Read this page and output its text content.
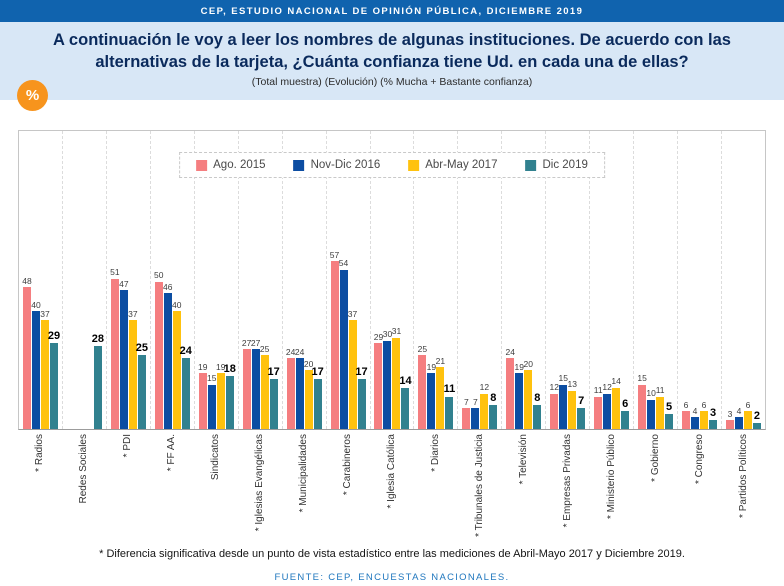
CEP, ESTUDIO NACIONAL DE OPINIÓN PÚBLICA, DICIEMBRE 2019
A continuación le voy a leer los nombres de algunas instituciones. De acuerdo con las alternativas de la tarjeta, ¿Cuánta confianza tiene Ud. en cada una de ellas?
(Total muestra) (Evolución) (% Mucha + Bastante confianza)
%
Ago. 2015	Nov-Dic 2016	Abr-May 2017	Dic 2019
48
40
37
29	28
51
47
37
25
50
46
40
24
19
15
19
18
27 27
25
17
24 24
20
17
57
54
37
17
29 30 31
14
25
19
21
11
7 7
12
8
24
19 20
8
12
15
13
7
11 12
14
6
15
10 11
5 6
4
6
3 3 4
6
2
* Radios	Redes Sociales	* PDI	* FF AA.	Sindicatos	* Iglesias Evangélicas	* Municipalidades	* Carabineros	* Iglesia Católica	* Diarios	* Tribunales de Justicia	* Televisión	* Empresas Privadas	* Ministerio Público	* Gobierno	* Congreso	* Partidos Políticos
* Diferencia significativa desde un punto de vista estadístico entre las mediciones de Abril-Mayo 2017 y Diciembre 2019.
FUENTE: CEP, ENCUESTAS NACIONALES.
